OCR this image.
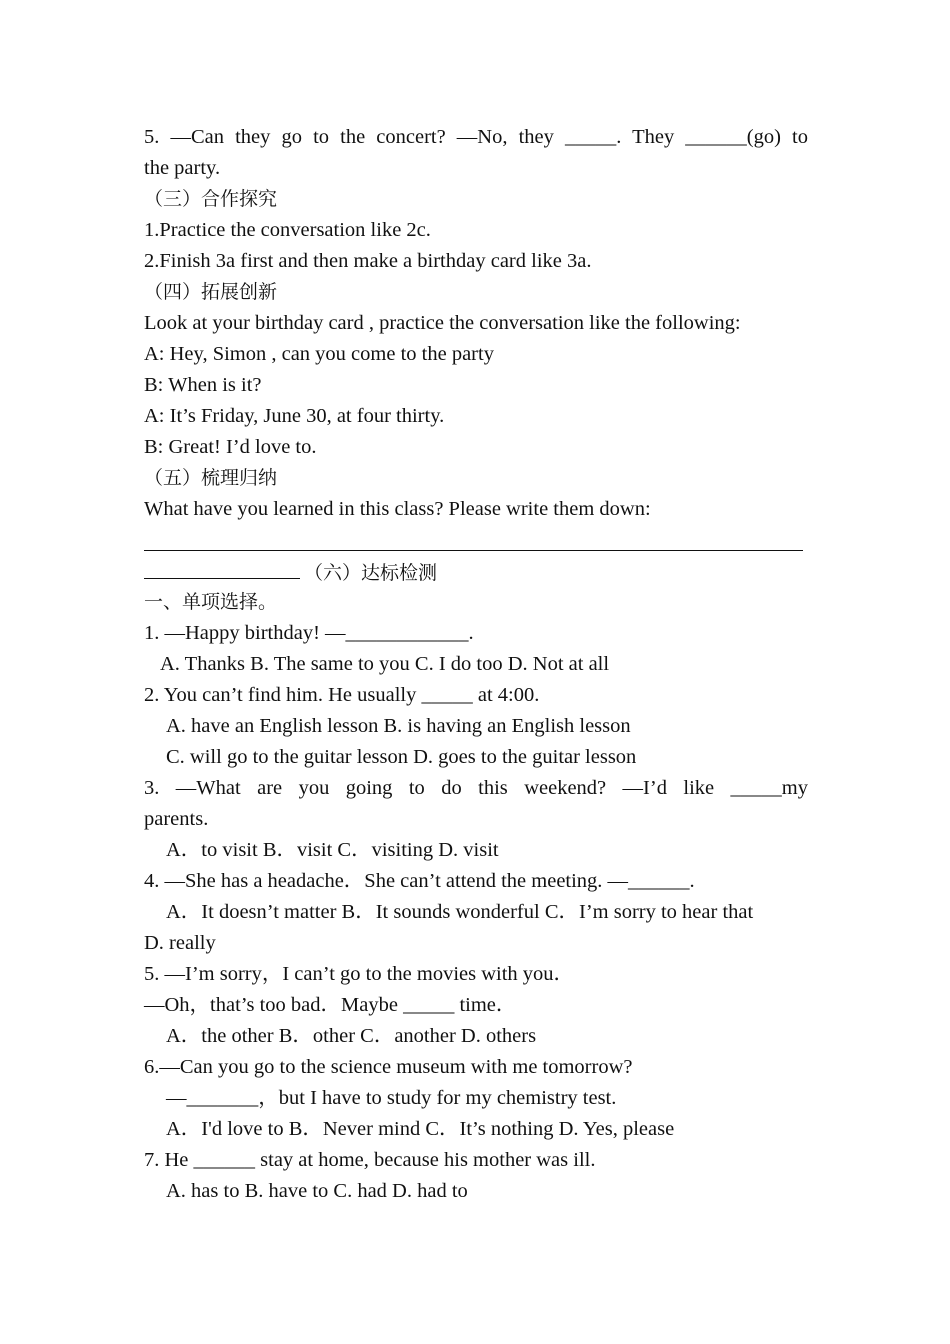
5. —Can they go to the concert? —No, they _____. They ______(go) to
the party.
（三）合作探究
1.Practice the conversation like 2c.
2.Finish 3a first and then make a birthday card like 3a.
（四）拓展创新
Look at your birthday card , practice the conversation like the following:
A: Hey, Simon , can you come to the party
B: When is it?
A: It’s Friday, June 30, at four thirty.
B: Great! I’d love to.
（五）梳理归纳
What have you learned in this class? Please write them down:
（六）达标检测
一、单项选择。
1. —Happy birthday! —____________.
A. Thanks B. The same to you C. I do too D. Not at all
2. You can’t find him. He usually _____ at 4:00.
A. have an English lesson B. is having an English lesson
C. will go to the guitar lesson D. goes to the guitar lesson
3. —What are you going to do this weekend? —I’d like _____my
parents.
A．to visit B．visit C．visiting D. visit
4. —She has a headache．She can’t attend the meeting. —______.
A．It doesn’t matter B．It sounds wonderful C．I’m sorry to hear that
D. really
5. —I’m sorry，I can’t go to the movies with you．
—Oh，that’s too bad．Maybe _____ time．
A．the other B．other C．another D. others
6.—Can you go to the science museum with me tomorrow?
—_______，but I have to study for my chemistry test.
A．I'd love to B．Never mind C．It’s nothing D. Yes, please
7. He ______ stay at home, because his mother was ill.
A. has to B. have to C. had D. had to
